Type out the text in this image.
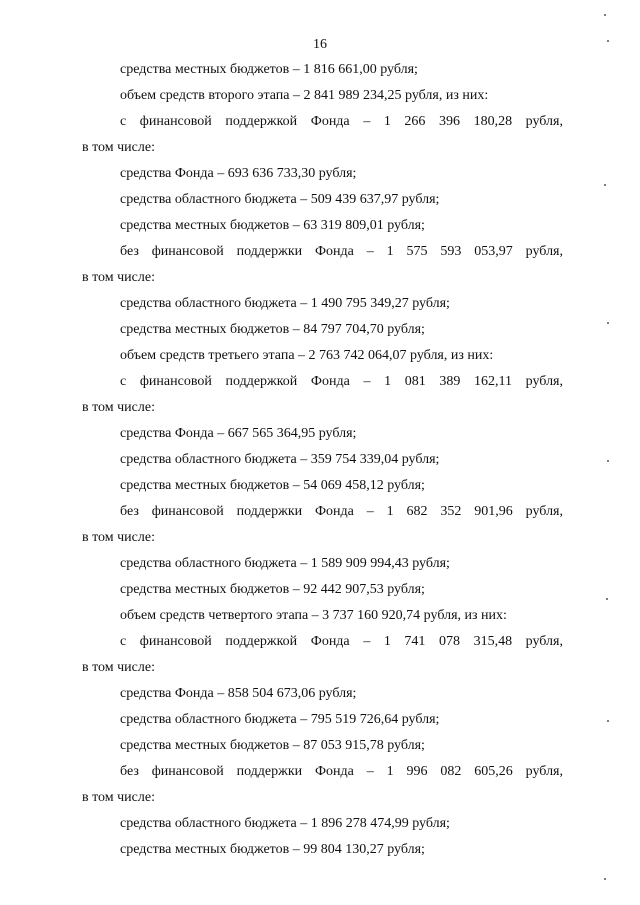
16
средства местных бюджетов – 1 816 661,00 рубля;
объем средств второго этапа – 2 841 989 234,25 рубля, из них:
с финансовой поддержкой Фонда – 1 266 396 180,28 рубля,
в том числе:
средства Фонда – 693 636 733,30 рубля;
средства областного бюджета – 509 439 637,97 рубля;
средства местных бюджетов – 63 319 809,01 рубля;
без финансовой поддержки Фонда – 1 575 593 053,97 рубля,
в том числе:
средства областного бюджета – 1 490 795 349,27 рубля;
средства местных бюджетов – 84 797 704,70 рубля;
объем средств третьего этапа – 2 763 742 064,07 рубля, из них:
с финансовой поддержкой Фонда – 1 081 389 162,11 рубля,
в том числе:
средства Фонда – 667 565 364,95 рубля;
средства областного бюджета – 359 754 339,04 рубля;
средства местных бюджетов – 54 069 458,12 рубля;
без финансовой поддержки Фонда – 1 682 352 901,96 рубля,
в том числе:
средства областного бюджета – 1 589 909 994,43 рубля;
средства местных бюджетов – 92 442 907,53 рубля;
объем средств четвертого этапа – 3 737 160 920,74 рубля, из них:
с финансовой поддержкой Фонда – 1 741 078 315,48 рубля,
в том числе:
средства Фонда – 858 504 673,06 рубля;
средства областного бюджета – 795 519 726,64 рубля;
средства местных бюджетов – 87 053 915,78 рубля;
без финансовой поддержки Фонда – 1 996 082 605,26 рубля,
в том числе:
средства областного бюджета – 1 896 278 474,99 рубля;
средства местных бюджетов – 99 804 130,27 рубля;
